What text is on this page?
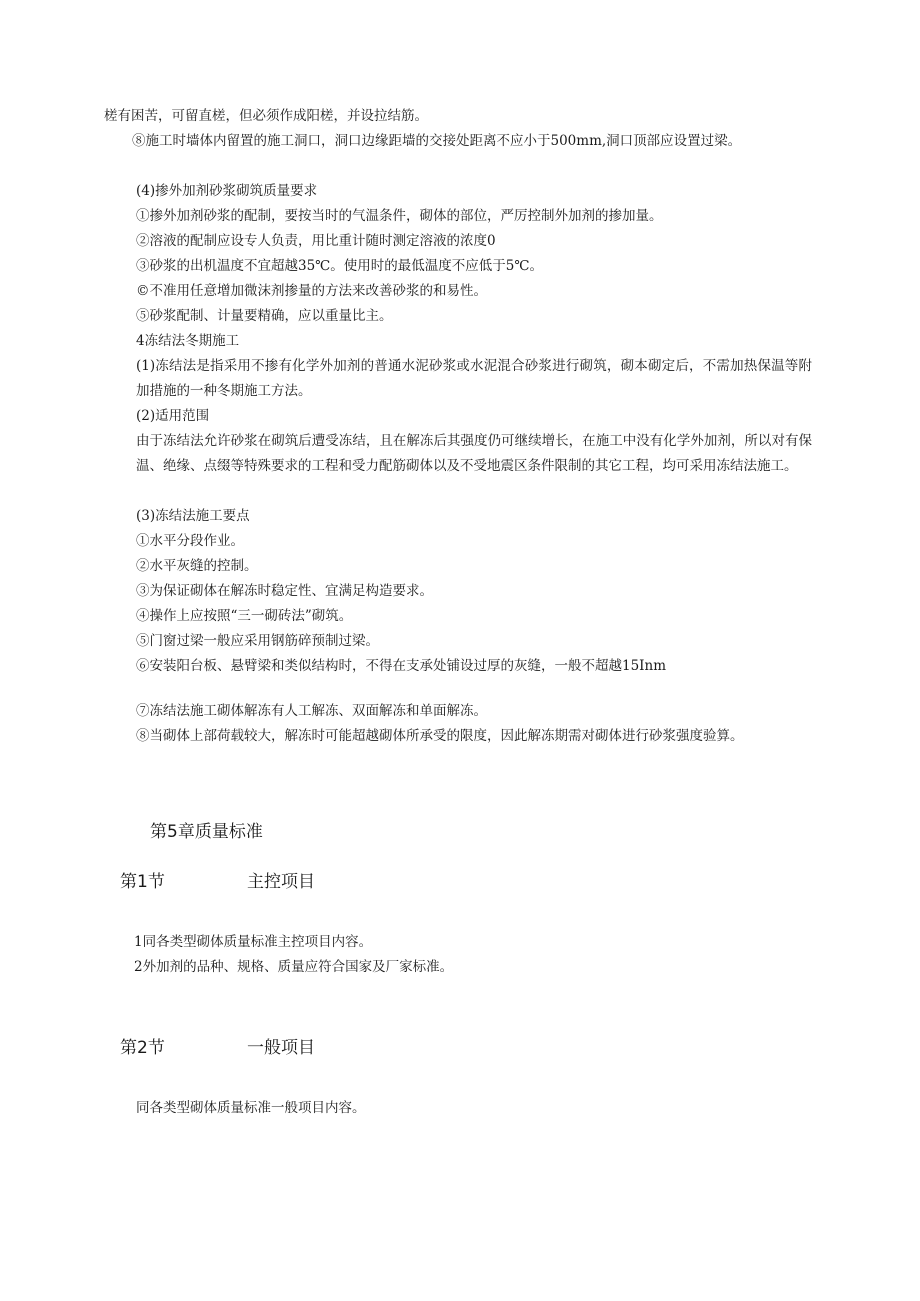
槎有困苦，可留直槎，但必须作成阳槎，并设拉结筋。
⑧施工时墙体内留置的施工洞口，洞口边缘距墙的交接处距离不应小于500mm,洞口顶部应设置过梁。
(4)掺外加剂砂浆砌筑质量要求
①掺外加剂砂浆的配制，要按当时的气温条件，砌体的部位，严厉控制外加剂的掺加量。
②溶液的配制应设专人负责，用比重计随时测定溶液的浓度0
③砂浆的出机温度不宜超越35℃。使用时的最低温度不应低于5℃。
©不准用任意增加微沫剂掺量的方法来改善砂浆的和易性。
⑤砂浆配制、计量要精确，应以重量比主。
4冻结法冬期施工
(1)冻结法是指采用不掺有化学外加剂的普通水泥砂浆或水泥混合砂浆进行砌筑，砌本砌定后，不需加热保温等附加措施的一种冬期施工方法。
(2)适用范围
由于冻结法允许砂浆在砌筑后遭受冻结，且在解冻后其强度仍可继续增长，在施工中没有化学外加剂，所以对有保温、绝缘、点缀等特殊要求的工程和受力配筋砌体以及不受地震区条件限制的其它工程，均可采用冻结法施工。
(3)冻结法施工要点
①水平分段作业。
②水平灰缝的控制。
③为保证砌体在解冻时稳定性、宜满足构造要求。
④操作上应按照“三一砌砖法”砌筑。
⑤门窗过梁一般应采用钢筋碎预制过梁。
⑥安装阳台板、悬臂梁和类似结构时，不得在支承处铺设过厚的灰缝，一般不超越15Inm
⑦冻结法施工砌体解冻有人工解冻、双面解冻和单面解冻。
⑧当砌体上部荷载较大，解冻时可能超越砌体所承受的限度，因此解冻期需对砌体进行砂浆强度验算。
第5章质量标准
第1节	主控项目
1同各类型砌体质量标准主控项目内容。
2外加剂的品种、规格、质量应符合国家及厂家标准。
第2节	一般项目
同各类型砌体质量标准一般项目内容。
